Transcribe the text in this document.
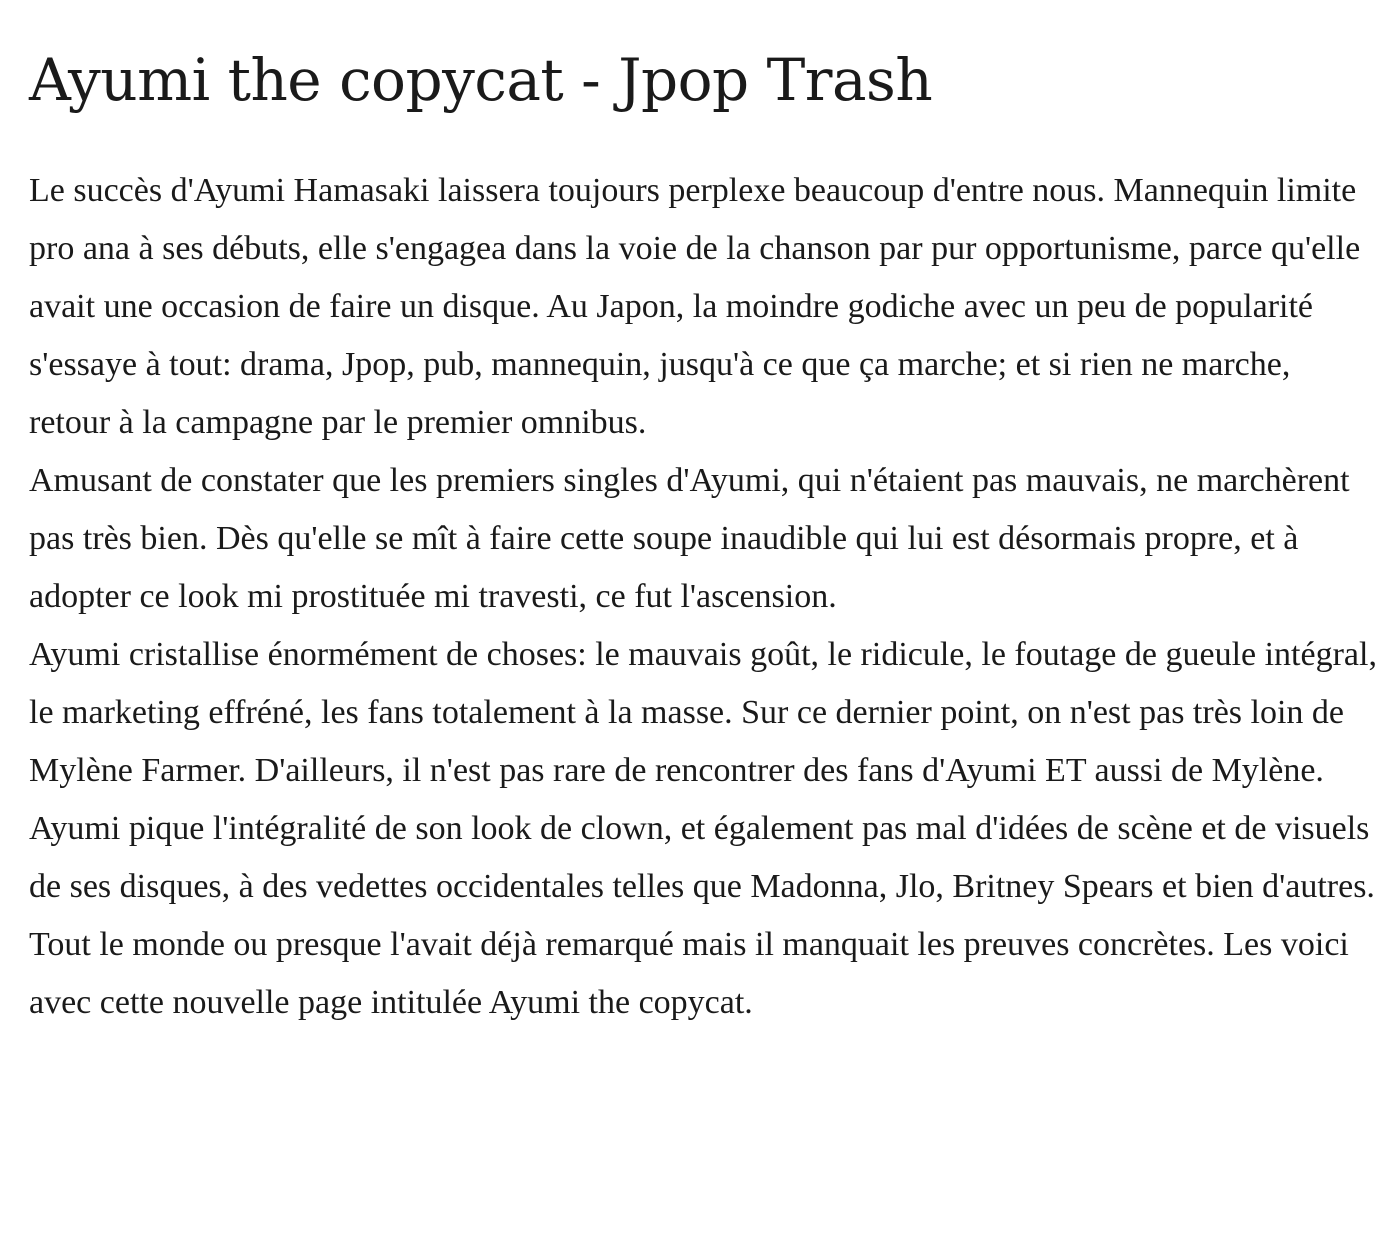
Ayumi the copycat - Jpop Trash

Le succès d'Ayumi Hamasaki laissera toujours perplexe beaucoup d'entre nous. Mannequin limite pro ana à ses débuts, elle s'engagea dans la voie de la chanson par pur opportunisme, parce qu'elle avait une occasion de faire un disque. Au Japon, la moindre godiche avec un peu de popularité s'essaye à tout: drama, Jpop, pub, mannequin, jusqu'à ce que ça marche; et si rien ne marche, retour à la campagne par le premier omnibus.

Amusant de constater que les premiers singles d'Ayumi, qui n'étaient pas mauvais, ne marchèrent pas très bien. Dès qu'elle se mît à faire cette soupe inaudible qui lui est désormais propre, et à adopter ce look mi prostituée mi travesti, ce fut l'ascension.

Ayumi cristallise énormément de choses: le mauvais goût, le ridicule, le foutage de gueule intégral, le marketing effréné, les fans totalement à la masse. Sur ce dernier point, on n'est pas très loin de Mylène Farmer. D'ailleurs, il n'est pas rare de rencontrer des fans d'Ayumi ET aussi de Mylène.

Ayumi pique l'intégralité de son look de clown, et également pas mal d'idées de scène et de visuels de ses disques, à des vedettes occidentales telles que Madonna, Jlo, Britney Spears et bien d'autres. Tout le monde ou presque l'avait déjà remarqué mais il manquait les preuves concrètes. Les voici avec cette nouvelle page intitulée Ayumi the copycat.
